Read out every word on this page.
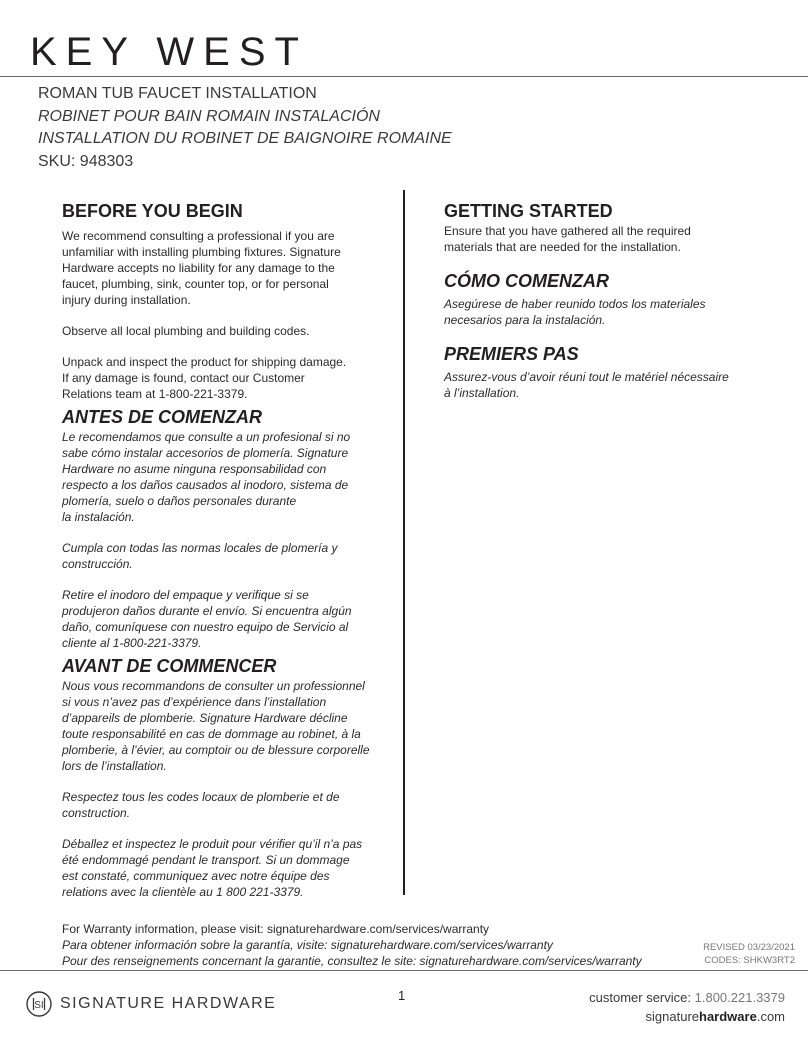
KEY WEST
ROMAN TUB FAUCET INSTALLATION
ROBINET POUR BAIN ROMAIN INSTALACIÓN
INSTALLATION DU ROBINET DE BAIGNOIRE ROMAINE
SKU: 948303
BEFORE YOU BEGIN

We recommend consulting a professional if you are
unfamiliar with installing plumbing fixtures. Signature
Hardware accepts no liability for any damage to the
faucet, plumbing, sink, counter top, or for personal
injury during installation.

Observe all local plumbing and building codes.

Unpack and inspect the product for shipping damage.
If any damage is found, contact our Customer
Relations team at 1-800-221-3379.

ANTES DE COMENZAR

Le recomendamos que consulte a un profesional si no
sabe cómo instalar accesorios de plomería. Signature
Hardware no asume ninguna responsabilidad con
respecto a los daños causados al inodoro, sistema de
plomería, suelo o daños personales durante
la instalación.

Cumpla con todas las normas locales de plomería y
construcción.

Retire el inodoro del empaque y verifique si se
produjeron daños durante el envío. Si encuentra algún
daño, comuníquese con nuestro equipo de Servicio al
cliente al 1-800-221-3379.

AVANT DE COMMENCER

Nous vous recommandons de consulter un professionnel
si vous n’avez pas d’expérience dans l’installation
d’appareils de plomberie. Signature Hardware décline
toute responsabilité en cas de dommage au robinet, à la
plomberie, à l’évier, au comptoir ou de blessure corporelle
lors de l’installation.

Respectez tous les codes locaux de plomberie et de
construction.

Déballez et inspectez le produit pour vérifier qu’il n’a pas
été endommagé pendant le transport. Si un dommage
est constaté, communiquez avec notre équipe des
relations avec la clientèle au 1 800 221-3379.

GETTING STARTED

Ensure that you have gathered all the required
materials that are needed for the installation.

CÓMO COMENZAR

Asegúrese de haber reunido todos los materiales
necesarios para la instalación.

PREMIERS PAS

Assurez-vous d’avoir réuni tout le matériel nécessaire
à l’installation.

For Warranty information, please visit: signaturehardware.com/services/warranty
Para obtener información sobre la garantía, visite: signaturehardware.com/services/warranty
Pour des renseignements concernant la garantie, consultez le site: signaturehardware.com/services/warranty
REVISED 03/23/2021
CODES: SHKW3RT2
SI SIGNATURE HARDWARE	1	customer service: 1.800.221.3379
signaturehardware.com
